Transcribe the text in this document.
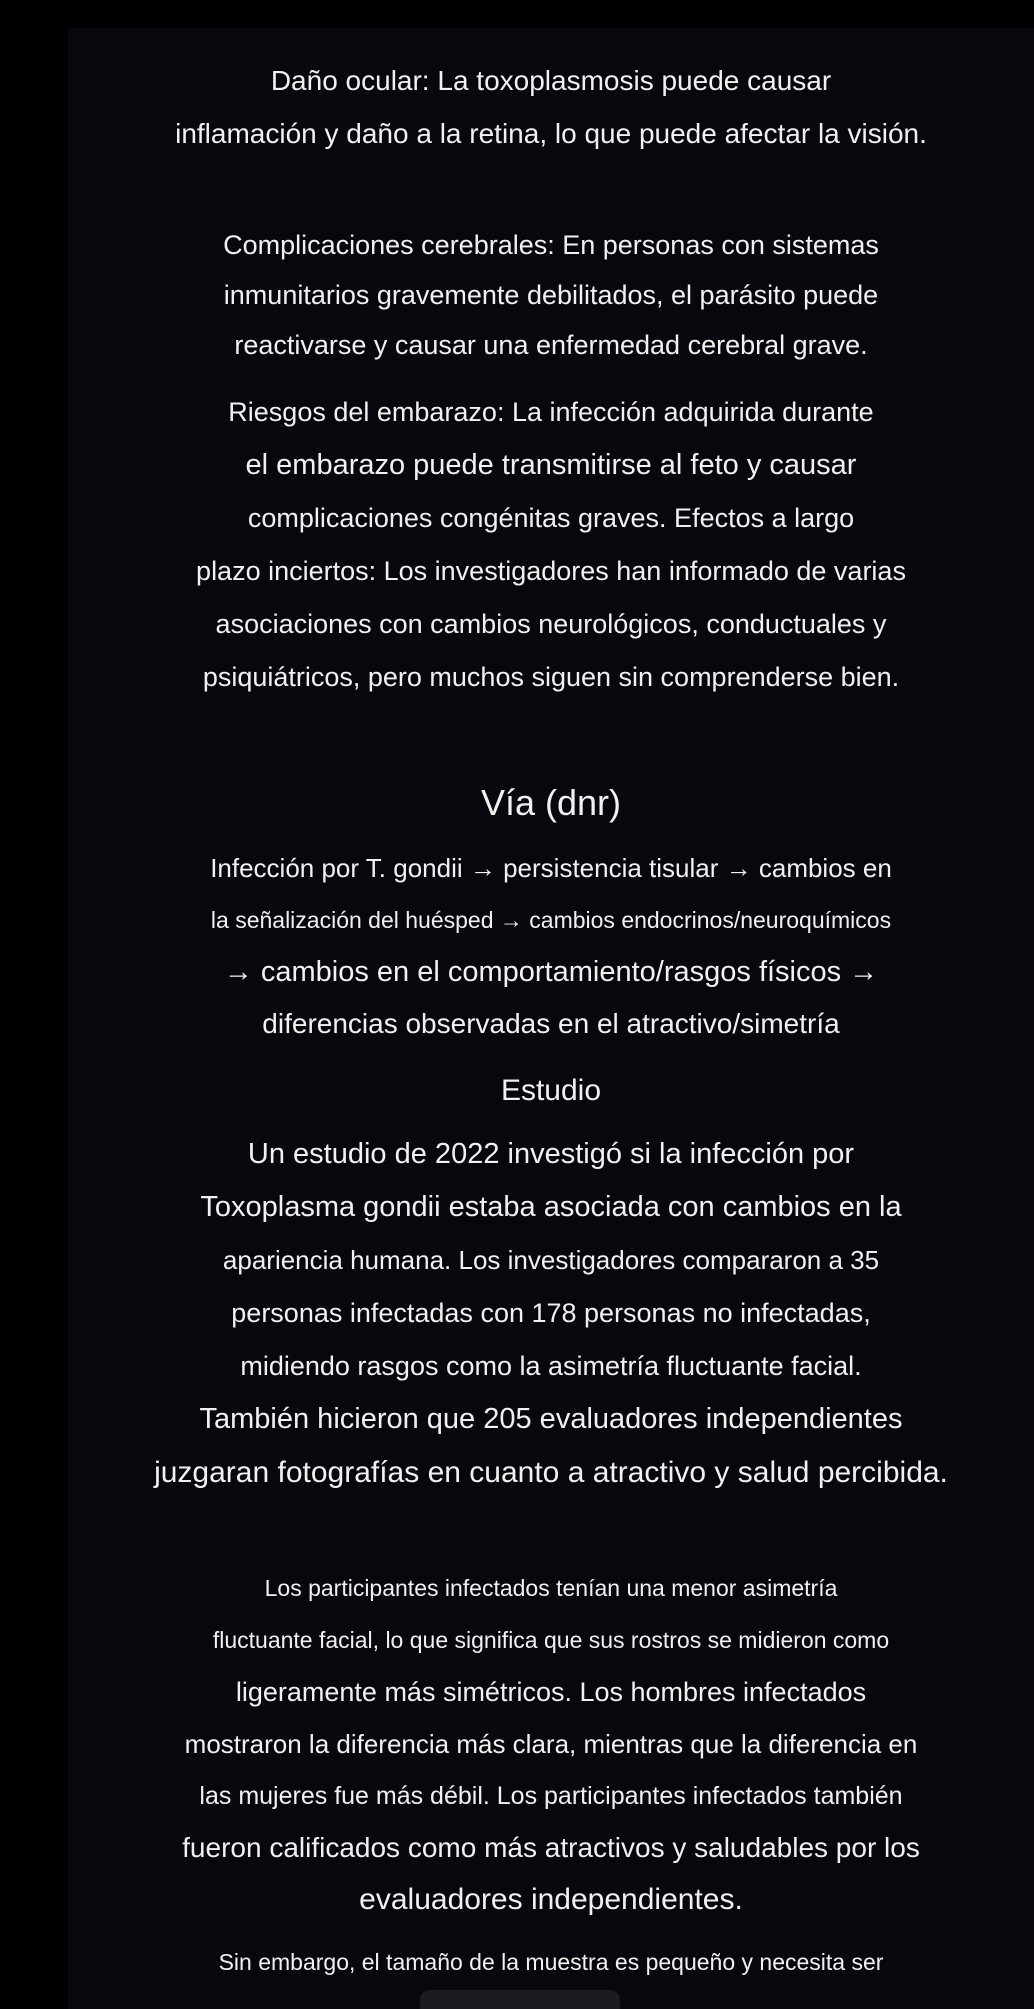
Daño ocular: La toxoplasmosis puede causar
inflamación y daño a la retina, lo que puede afectar la visión.

Complicaciones cerebrales: En personas con sistemas
inmunitarios gravemente debilitados, el parásito puede
reactivarse y causar una enfermedad cerebral grave.

Riesgos del embarazo: La infección adquirida durante
el embarazo puede transmitirse al feto y causar
complicaciones congénitas graves. Efectos a largo
plazo inciertos: Los investigadores han informado de varias
asociaciones con cambios neurológicos, conductuales y
psiquiátricos, pero muchos siguen sin comprenderse bien.

Vía (dnr)

Infección por T. gondii → persistencia tisular → cambios en
la señalización del huésped → cambios endocrinos/neuroquímicos
→ cambios en el comportamiento/rasgos físicos →
diferencias observadas en el atractivo/simetría

Estudio

Un estudio de 2022 investigó si la infección por
Toxoplasma gondii estaba asociada con cambios en la
apariencia humana. Los investigadores compararon a 35
personas infectadas con 178 personas no infectadas,
midiendo rasgos como la asimetría fluctuante facial.
También hicieron que 205 evaluadores independientes
juzgaran fotografías en cuanto a atractivo y salud percibida.

Los participantes infectados tenían una menor asimetría
fluctuante facial, lo que significa que sus rostros se midieron como
ligeramente más simétricos. Los hombres infectados
mostraron la diferencia más clara, mientras que la diferencia en
las mujeres fue más débil. Los participantes infectados también
fueron calificados como más atractivos y saludables por los
evaluadores independientes.

Sin embargo, el tamaño de la muestra es pequeño y necesita ser
